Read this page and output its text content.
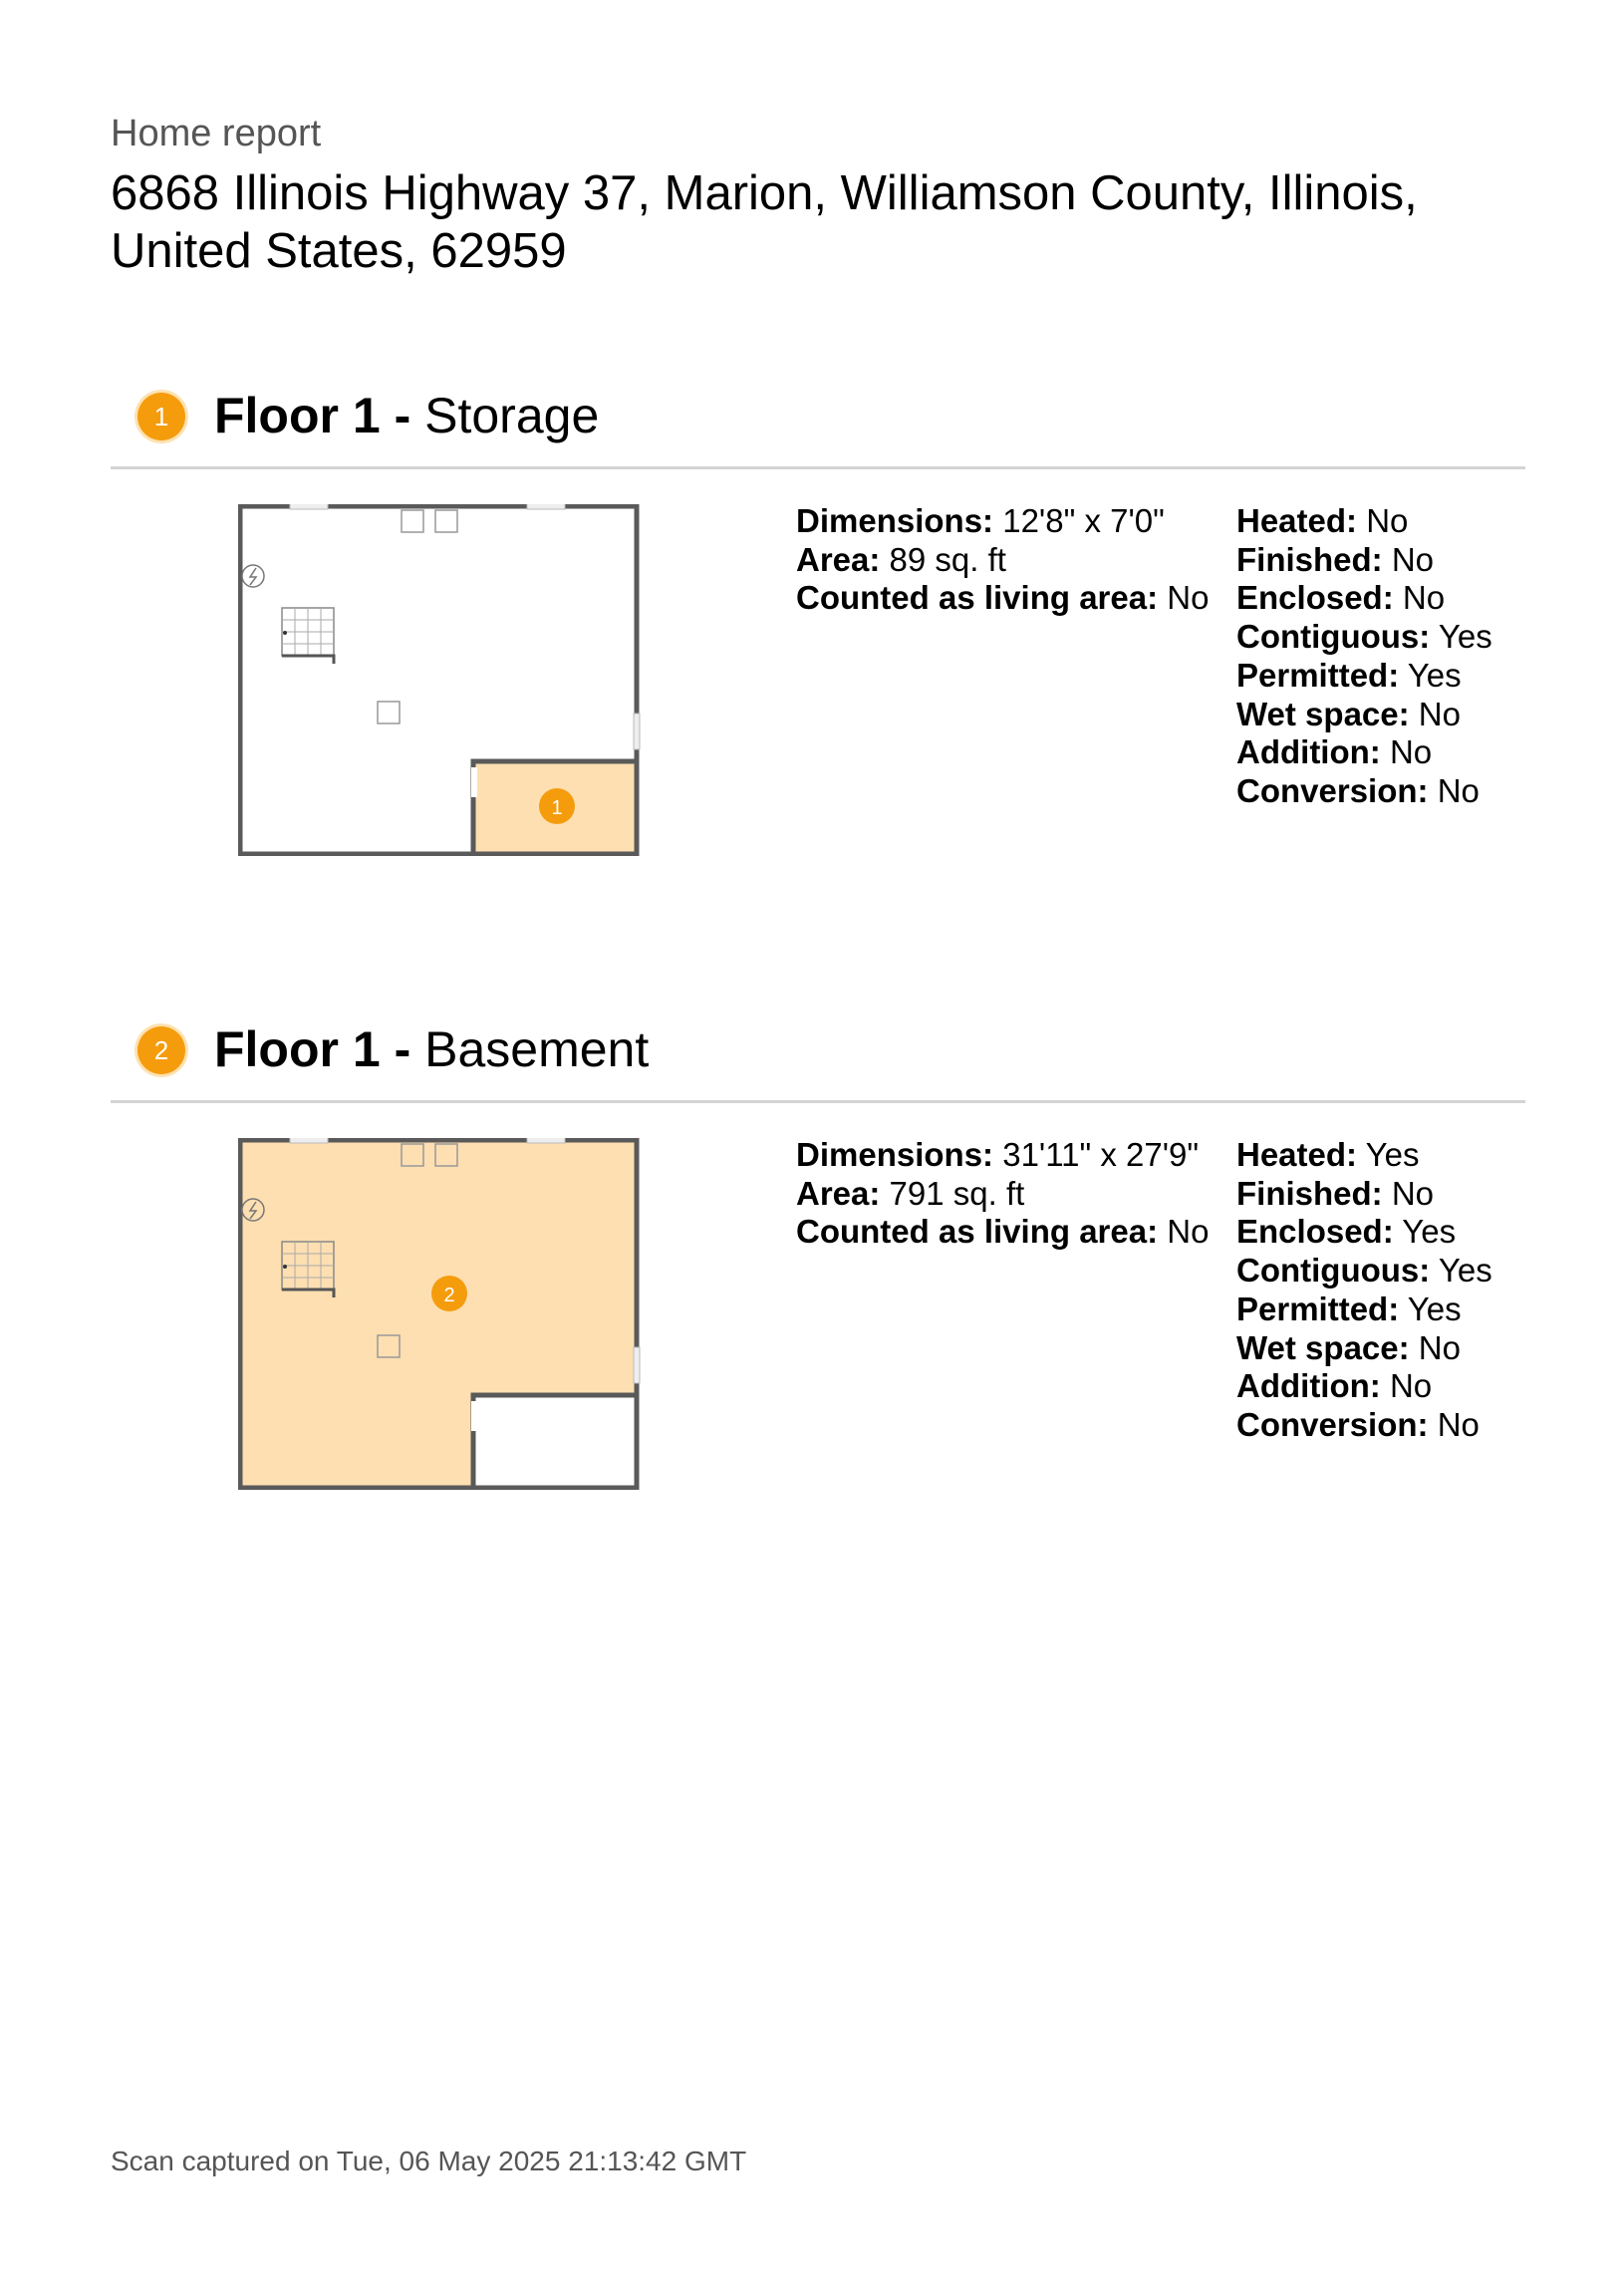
Home report
6868 Illinois Highway 37, Marion, Williamson County, Illinois, United States, 62959
1 Floor 1 - Storage
1
Dimensions: 12'8" x 7'0"
Area: 89 sq. ft
Counted as living area: No
Heated: No
Finished: No
Enclosed: No
Contiguous: Yes
Permitted: Yes
Wet space: No
Addition: No
Conversion: No
2 Floor 1 - Basement
2
Dimensions: 31'11" x 27'9"
Area: 791 sq. ft
Counted as living area: No
Heated: Yes
Finished: No
Enclosed: Yes
Contiguous: Yes
Permitted: Yes
Wet space: No
Addition: No
Conversion: No
Scan captured on Tue, 06 May 2025 21:13:42 GMT
